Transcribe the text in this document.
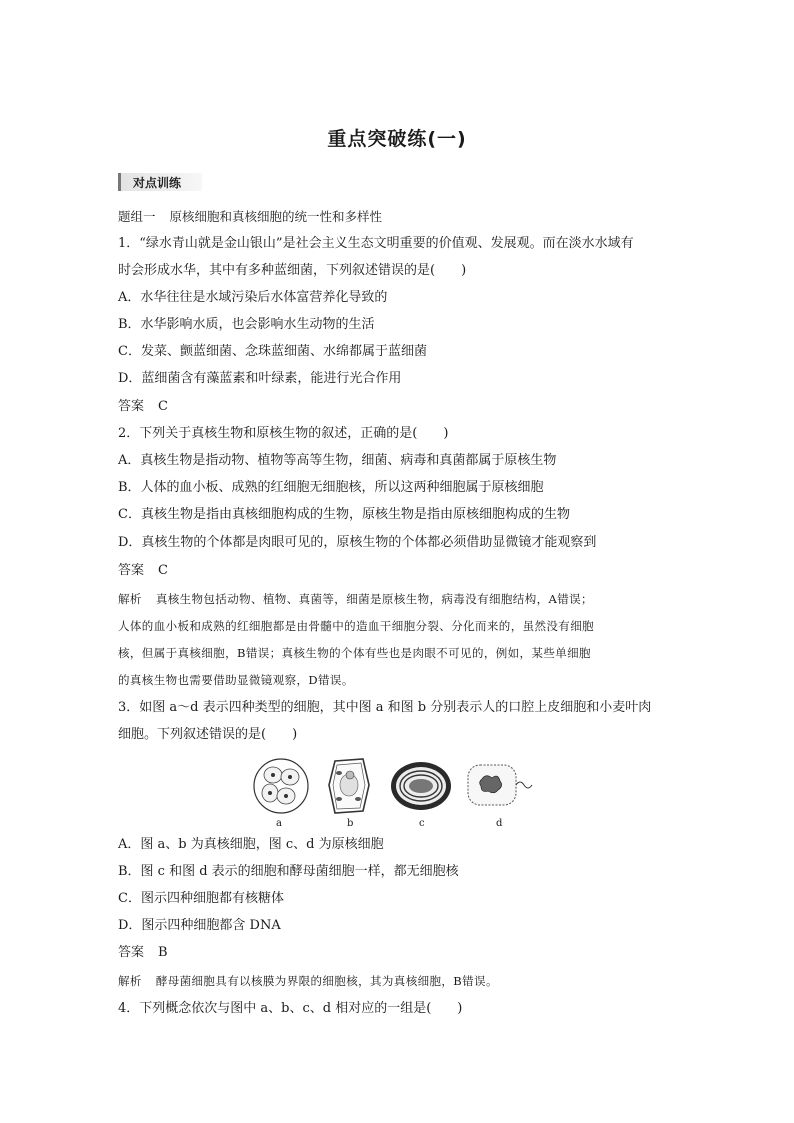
重点突破练(一)
对点训练
题组一 原核细胞和真核细胞的统一性和多样性
1．“绿水青山就是金山银山”是社会主义生态文明重要的价值观、发展观。而在淡水水域有
时会形成水华，其中有多种蓝细菌，下列叙述错误的是(　　)
A．水华往往是水域污染后水体富营养化导致的
B．水华影响水质，也会影响水生动物的生活
C．发菜、颤蓝细菌、念珠蓝细菌、水绵都属于蓝细菌
D．蓝细菌含有藻蓝素和叶绿素，能进行光合作用
答案 C
2．下列关于真核生物和原核生物的叙述，正确的是(　　)
A．真核生物是指动物、植物等高等生物，细菌、病毒和真菌都属于原核生物
B．人体的血小板、成熟的红细胞无细胞核，所以这两种细胞属于原核细胞
C．真核生物是指由真核细胞构成的生物，原核生物是指由原核细胞构成的生物
D．真核生物的个体都是肉眼可见的，原核生物的个体都必须借助显微镜才能观察到
答案 C
解析 真核生物包括动物、植物、真菌等，细菌是原核生物，病毒没有细胞结构，A错误；
人体的血小板和成熟的红细胞都是由骨髓中的造血干细胞分裂、分化而来的，虽然没有细胞
核，但属于真核细胞，B错误；真核生物的个体有些也是肉眼不可见的，例如，某些单细胞
的真核生物也需要借助显微镜观察，D错误。
3．如图 a～d 表示四种类型的细胞，其中图 a 和图 b 分别表示人的口腔上皮细胞和小麦叶肉
细胞。下列叙述错误的是(　　)
a	b	c	d
A．图 a、b 为真核细胞，图 c、d 为原核细胞
B．图 c 和图 d 表示的细胞和酵母菌细胞一样，都无细胞核
C．图示四种细胞都有核糖体
D．图示四种细胞都含 DNA
答案 B
解析 酵母菌细胞具有以核膜为界限的细胞核，其为真核细胞，B错误。
4．下列概念依次与图中 a、b、c、d 相对应的一组是(　　)
